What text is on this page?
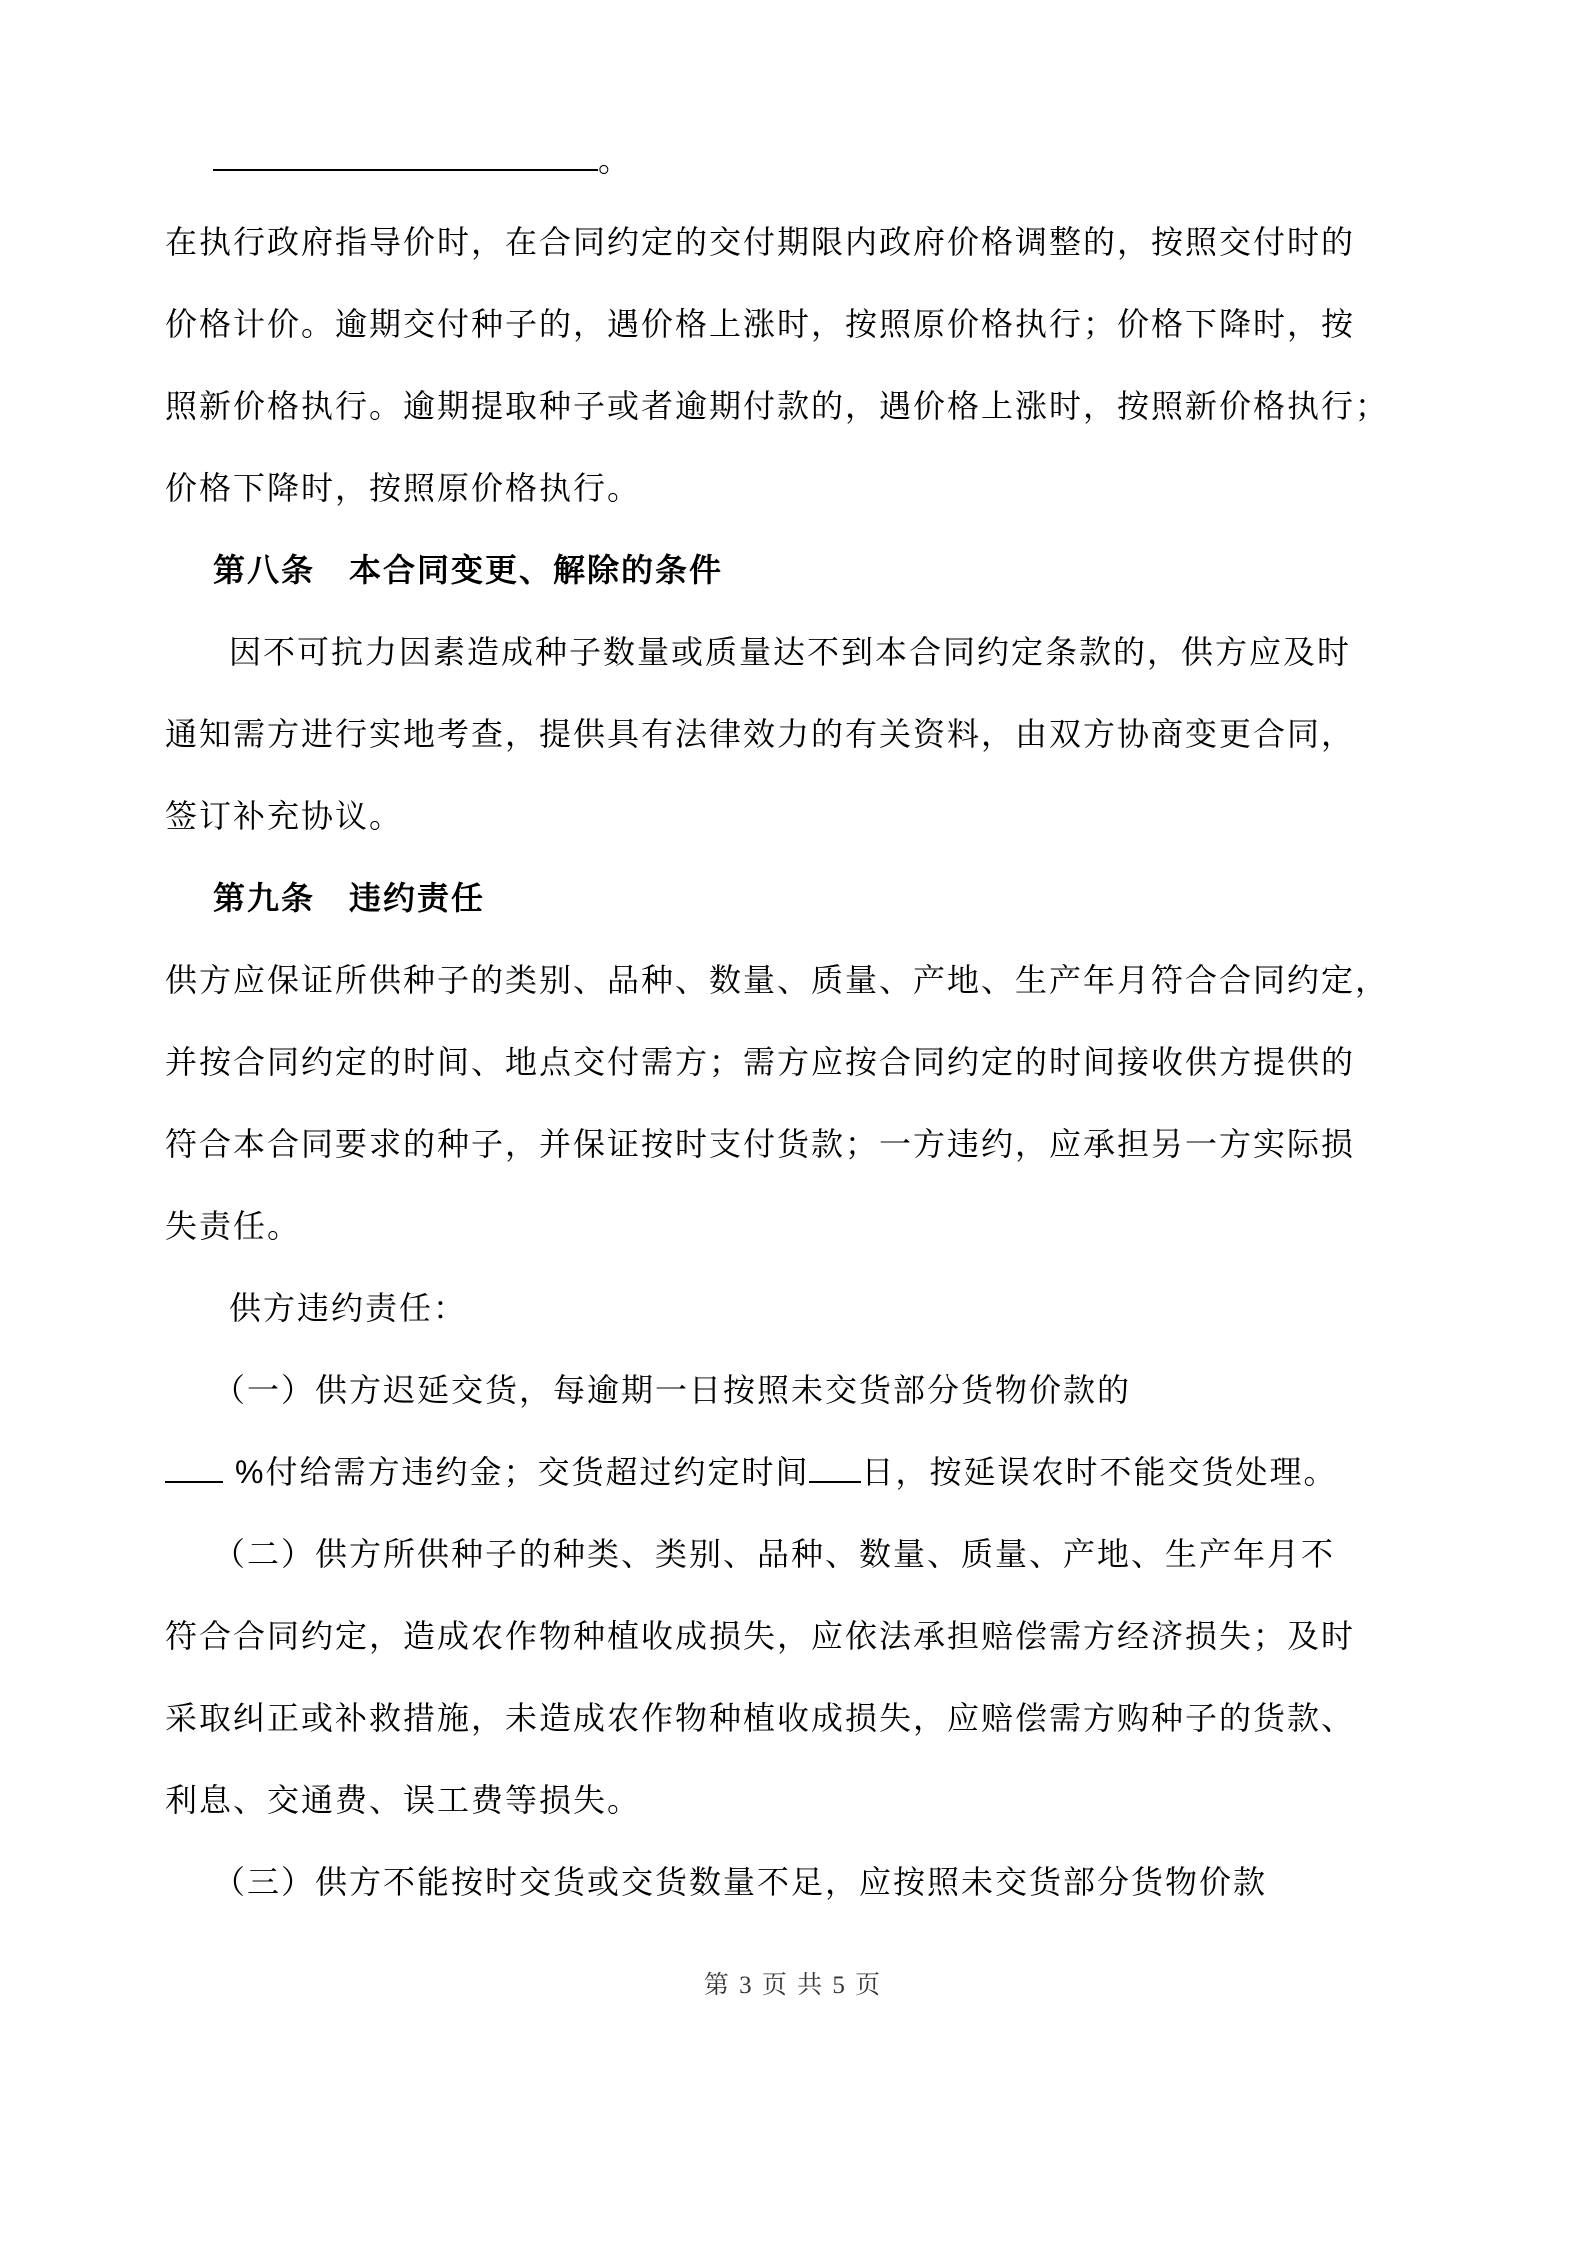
。
在执行政府指导价时，在合同约定的交付期限内政府价格调整的，按照交付时的
价格计价。逾期交付种子的，遇价格上涨时，按照原价格执行；价格下降时，按
照新价格执行。逾期提取种子或者逾期付款的，遇价格上涨时，按照新价格执行；
价格下降时，按照原价格执行。
第八条　本合同变更、解除的条件
因不可抗力因素造成种子数量或质量达不到本合同约定条款的，供方应及时
通知需方进行实地考查，提供具有法律效力的有关资料，由双方协商变更合同，
签订补充协议。
第九条　违约责任
供方应保证所供种子的类别、品种、数量、质量、产地、生产年月符合合同约定，
并按合同约定的时间、地点交付需方；需方应按合同约定的时间接收供方提供的
符合本合同要求的种子，并保证按时支付货款；一方违约，应承担另一方实际损
失责任。
供方违约责任：
（一）供方迟延交货，每逾期一日按照未交货部分货物价款的
%付给需方违约金；交货超过约定时间 日，按延误农时不能交货处理。
（二）供方所供种子的种类、类别、品种、数量、质量、产地、生产年月不
符合合同约定，造成农作物种植收成损失，应依法承担赔偿需方经济损失；及时
采取纠正或补救措施，未造成农作物种植收成损失，应赔偿需方购种子的货款、
利息、交通费、误工费等损失。
（三）供方不能按时交货或交货数量不足，应按照未交货部分货物价款
第 3 页 共 5 页
